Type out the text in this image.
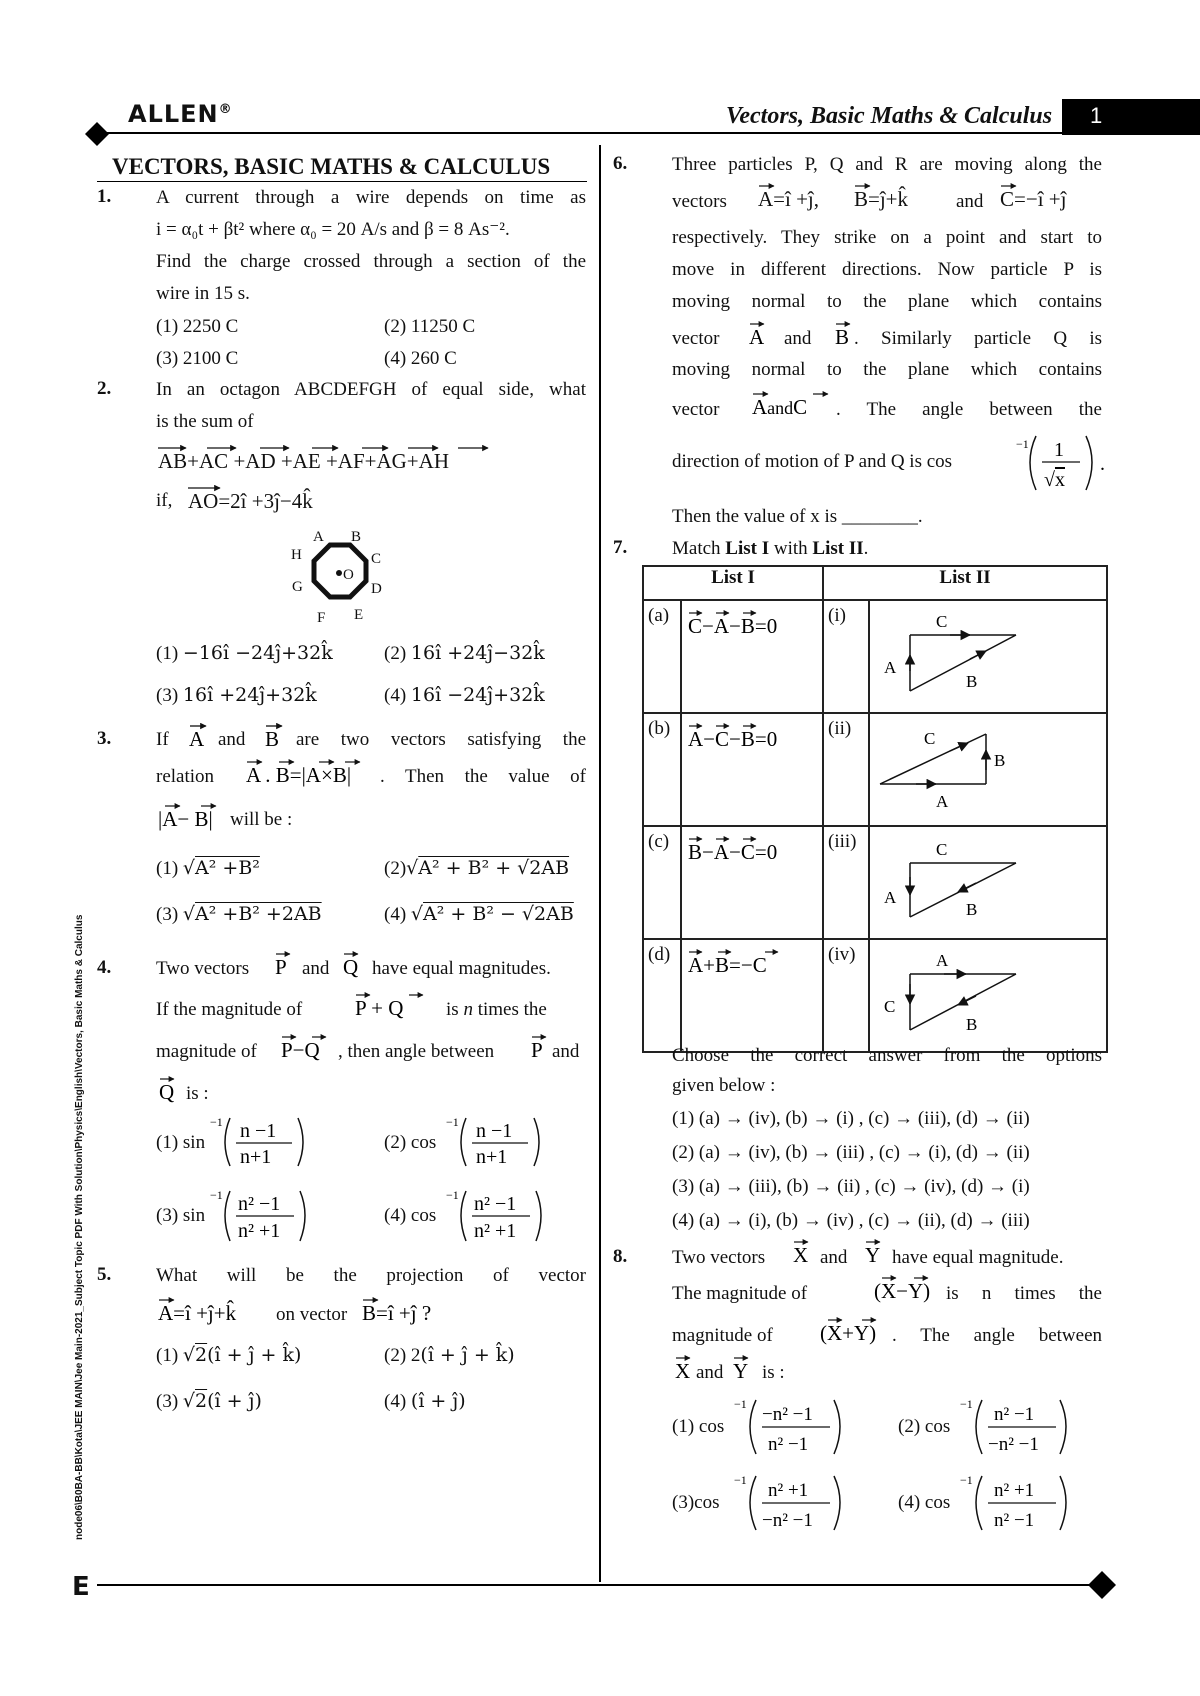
ALLEN®	Vectors, Basic Maths & Calculus 1
VECTORS, BASIC MATHS & CALCULUS
node06\B0BA-BB\Kota\JEE MAIN\Jee Main-2021_Subject Topic PDF With Solution\Physics\English\Vectors, Basic Maths & Calculus
1. A current through a wire depends on time as
i = α₀t + βt² where α₀ = 20 A/s and β = 8 As⁻².
Find the charge crossed through a section of the
wire in 15 s.
(1) 2250 C	(2) 11250 C
(3) 2100 C	(4) 260 C
2. In an octagon ABCDEFGH of equal side, what
is the sum of
AB+AC +AD +AE +AF+AG+AH
if, AO=2î +3ĵ−4k̂
A B
C
D
E
F
G
H
O
(1) −16î −24ĵ+32k̂	(2) 16î +24ĵ−32k̂
(3) 16î +24ĵ+32k̂	(4) 16î −24ĵ+32k̂
3. If A and B are two vectors satisfying the
relation A . B=|A×B| . Then the value of
|A− B| will be :
(1) √A² +B²	(2)√A² + B² + √2AB
(3) √A² +B² +2AB	(4) √A² + B² − √2AB
4. Two vectors P and Q have equal magnitudes.
If the magnitude of	P + Q is n times the
magnitude of P−Q , then angle between P and
Q is :
(1) sin
−1 n −1
n+1
(2) cos
−1 n −1
n+1
(3) sin
−1 n² −1
n² +1
(4) cos
−1 n² −1
n² +1
5. What will be the projection of vector
A=î +ĵ+k̂ on vector B=î +ĵ ?
(1) √2(î + ĵ + k̂)	(2) 2(î + ĵ + k̂)
(3) √2(î + ĵ)	(4) (î + ĵ)
6. Three particles P, Q and R are moving along the
vectors A=î +ĵ, B=ĵ+k̂	C=−î +ĵ
and
respectively. They strike on a point and start to
move in different directions. Now particle P is
moving normal to the plane which contains
vector A and B . Similarly particle Q is
moving normal to the plane which contains
vector AandC . The angle between the
direction of motion of P and Q is cos
−1 1
√x
.
Then the value of x is ________.
7. Match List I with List II.
List I		List II	

(a)	C−A−B=0	(i)	C
A
B

(b)	A−C−B=0	(ii)	C
B
A

(c)	B−A−C=0	(iii)	C
A
B

(d)	A+B=−C	(iv)	A
C
B
Choose the correct answer from the options
given below :
(1) (a) → (iv), (b) → (i) , (c) → (iii), (d) → (ii)
(2) (a) → (iv), (b) → (iii) , (c) → (i), (d) → (ii)
(3) (a) → (iii), (b) → (ii) , (c) → (iv), (d) → (i)
(4) (a) → (i), (b) → (iv) , (c) → (ii), (d) → (iii)
8. Two vectors X and Y have equal magnitude.
The magnitude of	(X−Y) is n times the
magnitude of (X+Y) . The angle between
X and Y is :
(1) cos
−1 −n² −1
n² −1
(2) cos
−1 n² −1
−n² −1
(3)cos
−1 n² +1
−n² −1
(4) cos
−1 n² +1
n² −1
E
